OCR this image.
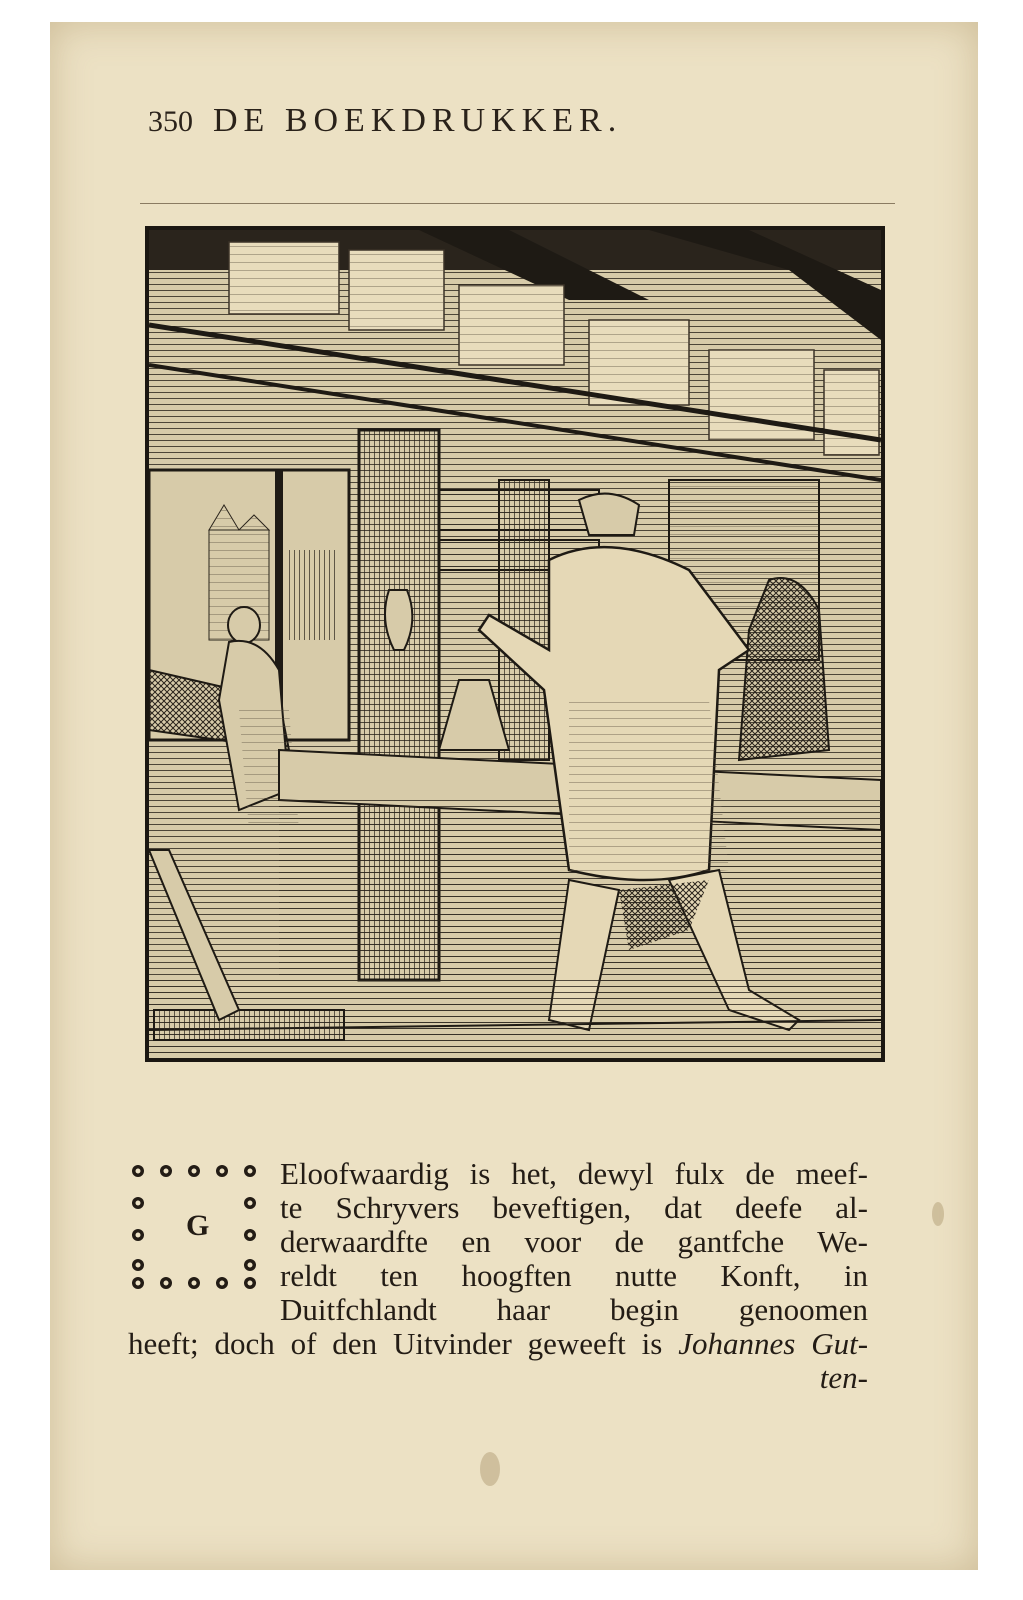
350 DE BOEKDRUKKER.
G
Eloofwaardig is het, dewyl fulx de meef-
te Schryvers beveftigen, dat deefe al-
derwaardfte en voor de gantfche We-
reldt ten hoogften nutte Konft, in
Duitfchlandt haar begin genoomen
heeft; doch of den Uitvinder geweeft is Johannes Gut-
ten-
